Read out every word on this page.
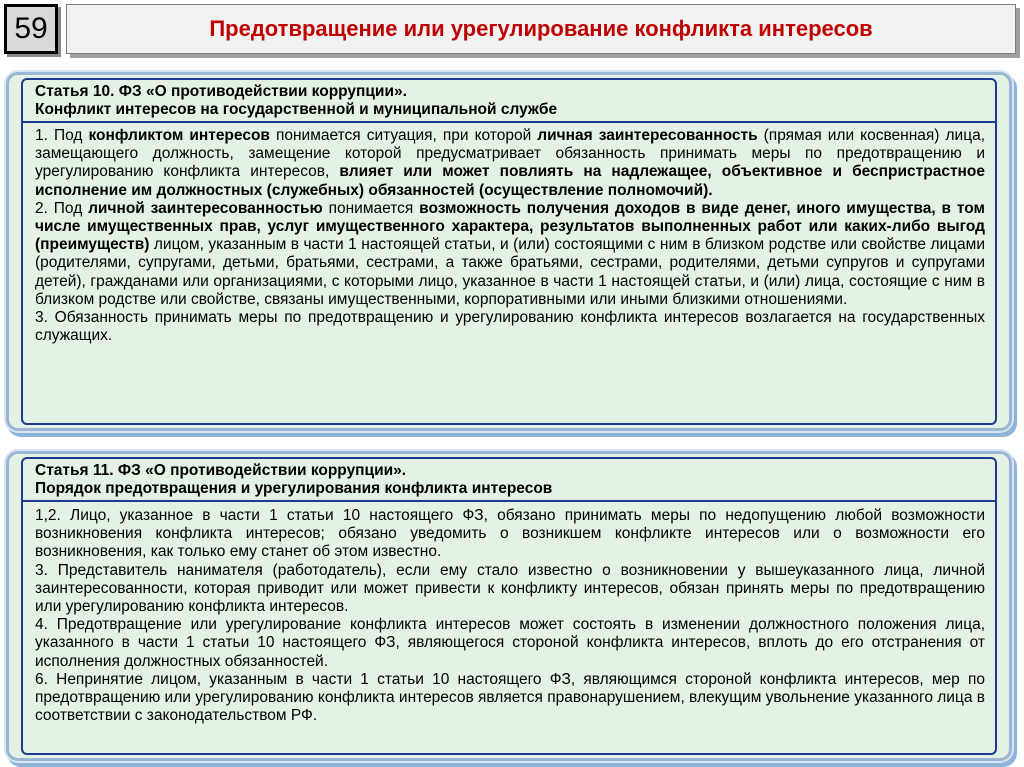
59	Предотвращение или урегулирование конфликта интересов
Статья 10. ФЗ «О противодействии коррупции».
Конфликт интересов на государственной и муниципальной службе
1. Под конфликтом интересов понимается ситуация, при которой личная заинтересованность (прямая или косвенная) лица, замещающего должность, замещение которой предусматривает обязанность принимать меры по предотвращению и урегулированию конфликта интересов, влияет или может повлиять на надлежащее, объективное и беспристрастное исполнение им должностных (служебных) обязанностей (осуществление полномочий).
2. Под личной заинтересованностью понимается возможность получения доходов в виде денег, иного имущества, в том числе имущественных прав, услуг имущественного характера, результатов выполненных работ или каких-либо выгод (преимуществ) лицом, указанным в части 1 настоящей статьи, и (или) состоящими с ним в близком родстве или свойстве лицами (родителями, супругами, детьми, братьями, сестрами, а также братьями, сестрами, родителями, детьми супругов и супругами детей), гражданами или организациями, с которыми лицо, указанное в части 1 настоящей статьи, и (или) лица, состоящие с ним в близком родстве или свойстве, связаны имущественными, корпоративными или иными близкими отношениями.
3. Обязанность принимать меры по предотвращению и урегулированию конфликта интересов возлагается на государственных служащих.
Статья 11. ФЗ «О противодействии коррупции».
Порядок предотвращения и урегулирования конфликта интересов
1,2. Лицо, указанное в части 1 статьи 10 настоящего ФЗ, обязано принимать меры по недопущению любой возможности возникновения конфликта интересов; обязано уведомить о возникшем конфликте интересов или о возможности его возникновения, как только ему станет об этом известно.
3. Представитель нанимателя (работодатель), если ему стало известно о возникновении у вышеуказанного лица, личной заинтересованности, которая приводит или может привести к конфликту интересов, обязан принять меры по предотвращению или урегулированию конфликта интересов.
4. Предотвращение или урегулирование конфликта интересов может состоять в изменении должностного положения лица, указанного в части 1 статьи 10 настоящего ФЗ, являющегося стороной конфликта интересов, вплоть до его отстранения от исполнения должностных обязанностей.
6. Непринятие лицом, указанным в части 1 статьи 10 настоящего ФЗ, являющимся стороной конфликта интересов, мер по предотвращению или урегулированию конфликта интересов является правонарушением, влекущим увольнение указанного лица в соответствии с законодательством РФ.
